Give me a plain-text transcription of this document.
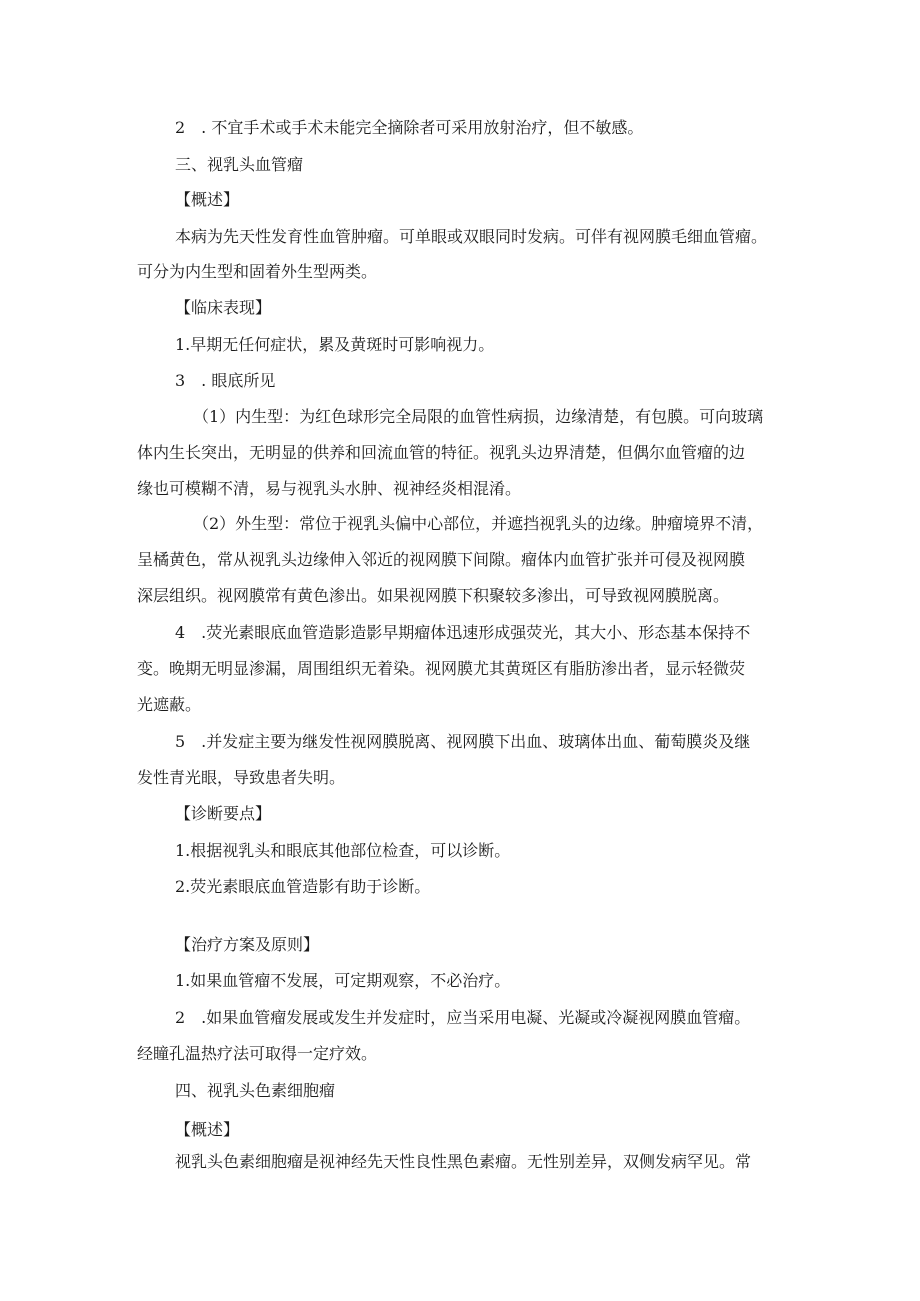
2　. 不宜手术或手术未能完全摘除者可采用放射治疗，但不敏感。
三、视乳头血管瘤
【概述】
本病为先天性发育性血管肿瘤。可单眼或双眼同时发病。可伴有视网膜毛细血管瘤。
可分为内生型和固着外生型两类。
【临床表现】
1.早期无任何症状，累及黄斑时可影响视力。
3　. 眼底所见
（1）内生型：为红色球形完全局限的血管性病损，边缘清楚，有包膜。可向玻璃
体内生长突出，无明显的供养和回流血管的特征。视乳头边界清楚，但偶尔血管瘤的边
缘也可模糊不清，易与视乳头水肿、视神经炎相混淆。
（2）外生型：常位于视乳头偏中心部位，并遮挡视乳头的边缘。肿瘤境界不清，
呈橘黄色，常从视乳头边缘伸入邻近的视网膜下间隙。瘤体内血管扩张并可侵及视网膜
深层组织。视网膜常有黄色渗出。如果视网膜下积聚较多渗出，可导致视网膜脱离。
4　.荧光素眼底血管造影造影早期瘤体迅速形成强荧光，其大小、形态基本保持不
变。晚期无明显渗漏，周围组织无着染。视网膜尤其黄斑区有脂肪渗出者，显示轻微荧
光遮蔽。
5　.并发症主要为继发性视网膜脱离、视网膜下出血、玻璃体出血、葡萄膜炎及继
发性青光眼，导致患者失明。
【诊断要点】
1.根据视乳头和眼底其他部位检查，可以诊断。
2.荧光素眼底血管造影有助于诊断。
【治疗方案及原则】
1.如果血管瘤不发展，可定期观察，不必治疗。
2　.如果血管瘤发展或发生并发症时，应当采用电凝、光凝或冷凝视网膜血管瘤。
经瞳孔温热疗法可取得一定疗效。
四、视乳头色素细胞瘤
【概述】
视乳头色素细胞瘤是视神经先天性良性黑色素瘤。无性别差异，双侧发病罕见。常
